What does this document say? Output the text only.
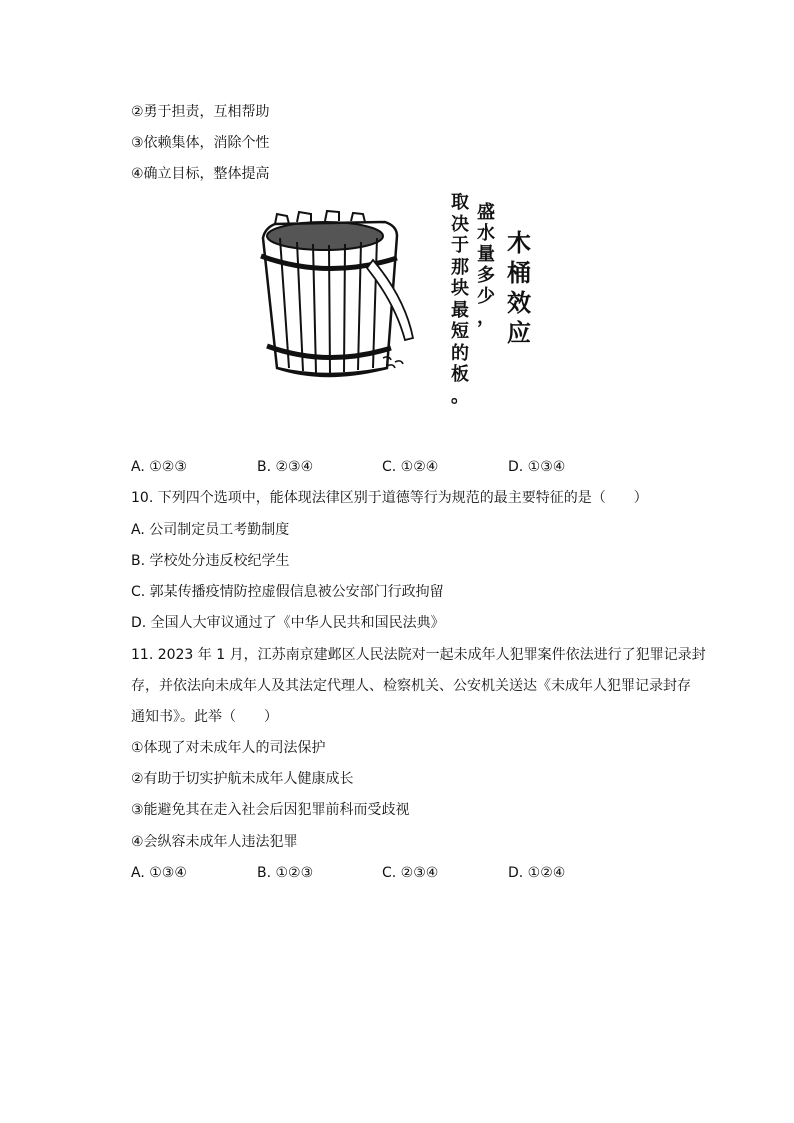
②勇于担责，互相帮助
③依赖集体，消除个性
④确立目标，整体提高
木
桶
效
应
盛
水
量
多
少
，
取
决
于
那
块
最
短
的
板
。
A. ①②③	B. ②③④	C. ①②④	D. ①③④
10. 下列四个选项中，能体现法律区别于道德等行为规范的最主要特征的是（　　）
A. 公司制定员工考勤制度
B. 学校处分违反校纪学生
C. 郭某传播疫情防控虚假信息被公安部门行政拘留
D. 全国人大审议通过了《中华人民共和国民法典》
11. 2023 年 1 月，江苏南京建邺区人民法院对一起未成年人犯罪案件依法进行了犯罪记录封
存，并依法向未成年人及其法定代理人、检察机关、公安机关送达《未成年人犯罪记录封存
通知书》。此举（　　）
①体现了对未成年人的司法保护
②有助于切实护航未成年人健康成长
③能避免其在走入社会后因犯罪前科而受歧视
④会纵容未成年人违法犯罪
A. ①③④	B. ①②③	C. ②③④	D. ①②④
